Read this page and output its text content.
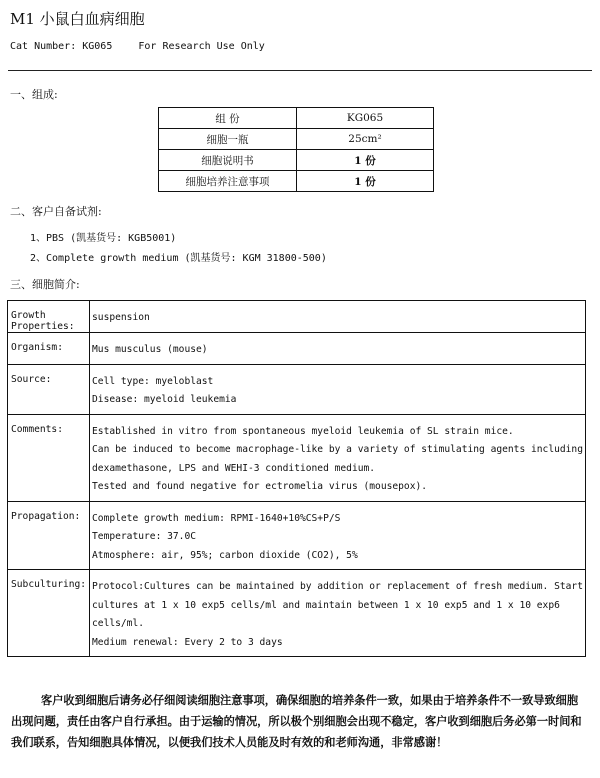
M1 小鼠白血病细胞
Cat Number: KG065	For Research Use Only
一、组成:
组 份	KG065
细胞一瓶	25cm²
细胞说明书	1 份
细胞培养注意事项	1 份
二、客户自备试剂:
1、PBS (凯基货号: KGB5001)
2、Complete growth medium (凯基货号: KGM 31800-500)
三、细胞简介:
Growth Properties:	suspension

Organism:	Mus musculus (mouse)

Source:	Cell type: myeloblast
Disease: myeloid leukemia

Comments:	Established in vitro from spontaneous myeloid leukemia of SL strain mice.
Can be induced to become macrophage-like by a variety of stimulating agents including
dexamethasone, LPS and WEHI-3 conditioned medium.
Tested and found negative for ectromelia virus (mousepox).

Propagation:	Complete growth medium: RPMI-1640+10%CS+P/S
Temperature: 37.0C
Atmosphere: air, 95%; carbon dioxide (CO2), 5%

Subculturing:	Protocol:Cultures can be maintained by addition or replacement of fresh medium. Start
cultures at 1 x 10 exp5 cells/ml and maintain between 1 x 10 exp5 and 1 x 10 exp6
cells/ml.
Medium renewal: Every 2 to 3 days
客户收到细胞后请务必仔细阅读细胞注意事项，确保细胞的培养条件一致，如果由于培养条件不一致导致细胞出现问题，责任由客户自行承担。由于运输的情况，所以极个别细胞会出现不稳定，客户收到细胞后务必第一时间和我们联系，告知细胞具体情况，以便我们技术人员能及时有效的和老师沟通，非常感谢！
